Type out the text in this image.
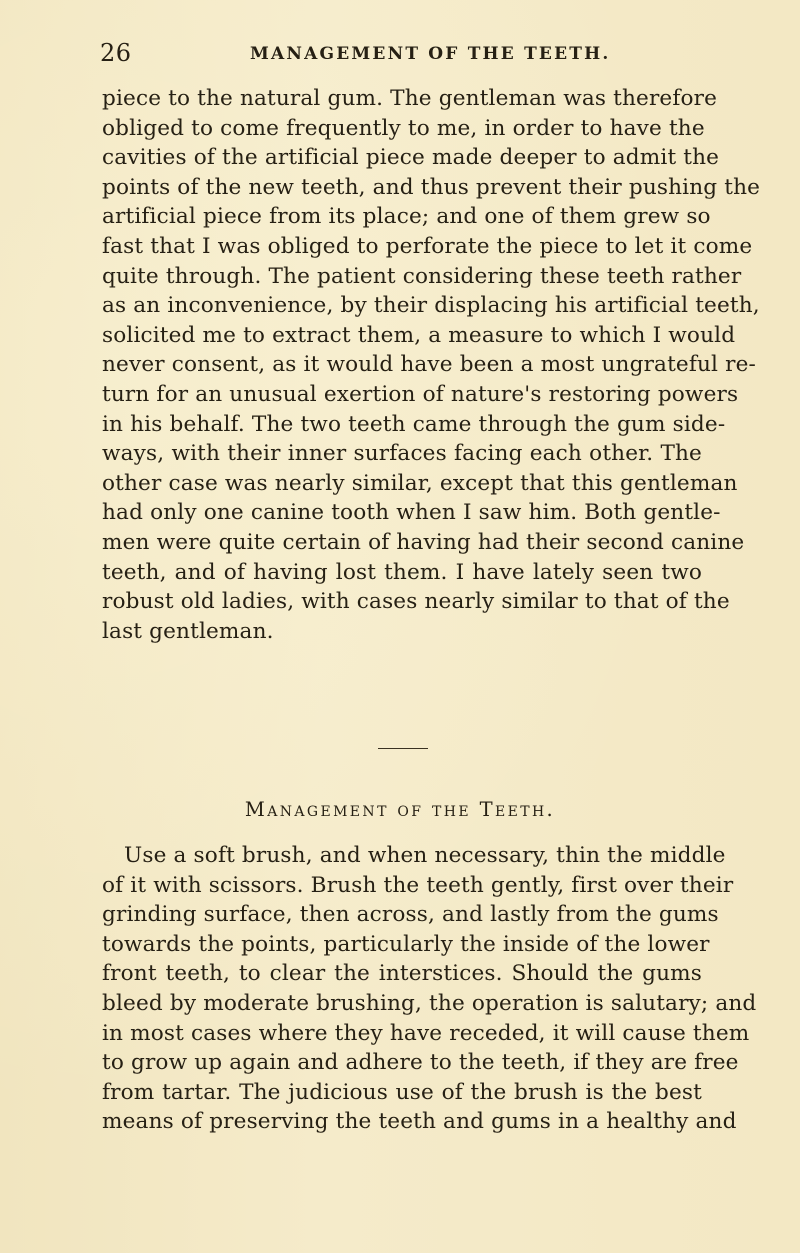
26	MANAGEMENT OF THE TEETH.
piece to the natural gum. The gentleman was therefore
obliged to come frequently to me, in order to have the
cavities of the artificial piece made deeper to admit the
points of the new teeth, and thus prevent their pushing the
artificial piece from its place; and one of them grew so
fast that I was obliged to perforate the piece to let it come
quite through. The patient considering these teeth rather
as an inconvenience, by their displacing his artificial teeth,
solicited me to extract them, a measure to which I would
never consent, as it would have been a most ungrateful re-
turn for an unusual exertion of nature's restoring powers
in his behalf. The two teeth came through the gum side-
ways, with their inner surfaces facing each other. The
other case was nearly similar, except that this gentleman
had only one canine tooth when I saw him. Both gentle-
men were quite certain of having had their second canine
teeth, and of having lost them. I have lately seen two
robust old ladies, with cases nearly similar to that of the
last gentleman.
Management of the Teeth.
Use a soft brush, and when necessary, thin the middle
of it with scissors. Brush the teeth gently, first over their
grinding surface, then across, and lastly from the gums
towards the points, particularly the inside of the lower
front teeth, to clear the interstices. Should the gums
bleed by moderate brushing, the operation is salutary; and
in most cases where they have receded, it will cause them
to grow up again and adhere to the teeth, if they are free
from tartar. The judicious use of the brush is the best
means of preserving the teeth and gums in a healthy and
